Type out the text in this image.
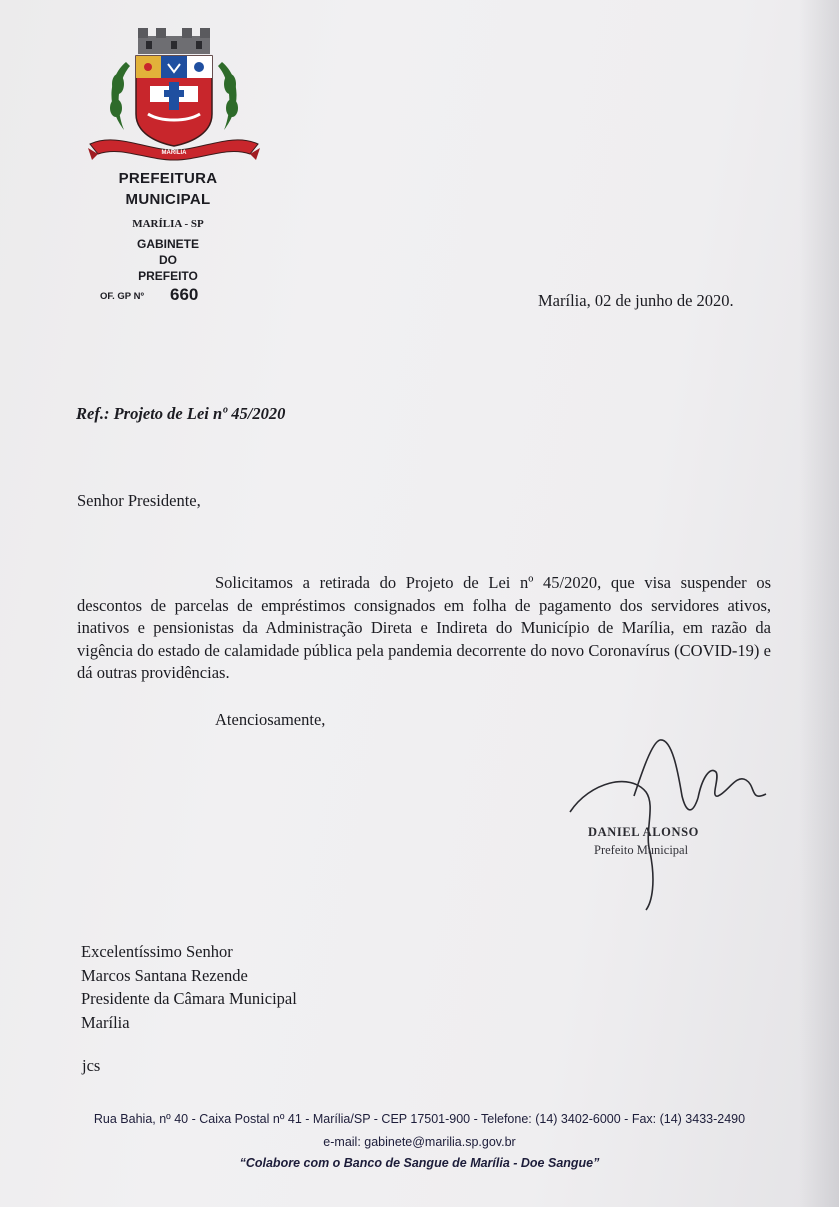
MARÍLIA
PREFEITURA
MUNICIPAL
MARÍLIA - SP
GABINETE
DO
PREFEITO
OF. GP Nº 660	Marília, 02 de junho de 2020.
Ref.: Projeto de Lei nº 45/2020
Senhor Presidente,

Solicitamos a retirada do Projeto de Lei nº 45/2020, que visa suspender os descontos de parcelas de empréstimos consignados em folha de pagamento dos servidores ativos, inativos e pensionistas da Administração Direta e Indireta do Município de Marília, em razão da vigência do estado de calamidade pública pela pandemia decorrente do novo Coronavírus (COVID-19) e dá outras providências.

Atenciosamente,
DANIEL ALONSO
Prefeito Municipal
Excelentíssimo Senhor
Marcos Santana Rezende
Presidente da Câmara Municipal
Marília
jcs
Rua Bahia, nº 40 - Caixa Postal nº 41 - Marília/SP - CEP 17501-900 - Telefone: (14) 3402-6000 - Fax: (14) 3433-2490
e-mail: gabinete@marilia.sp.gov.br
“Colabore com o Banco de Sangue de Marília - Doe Sangue”
